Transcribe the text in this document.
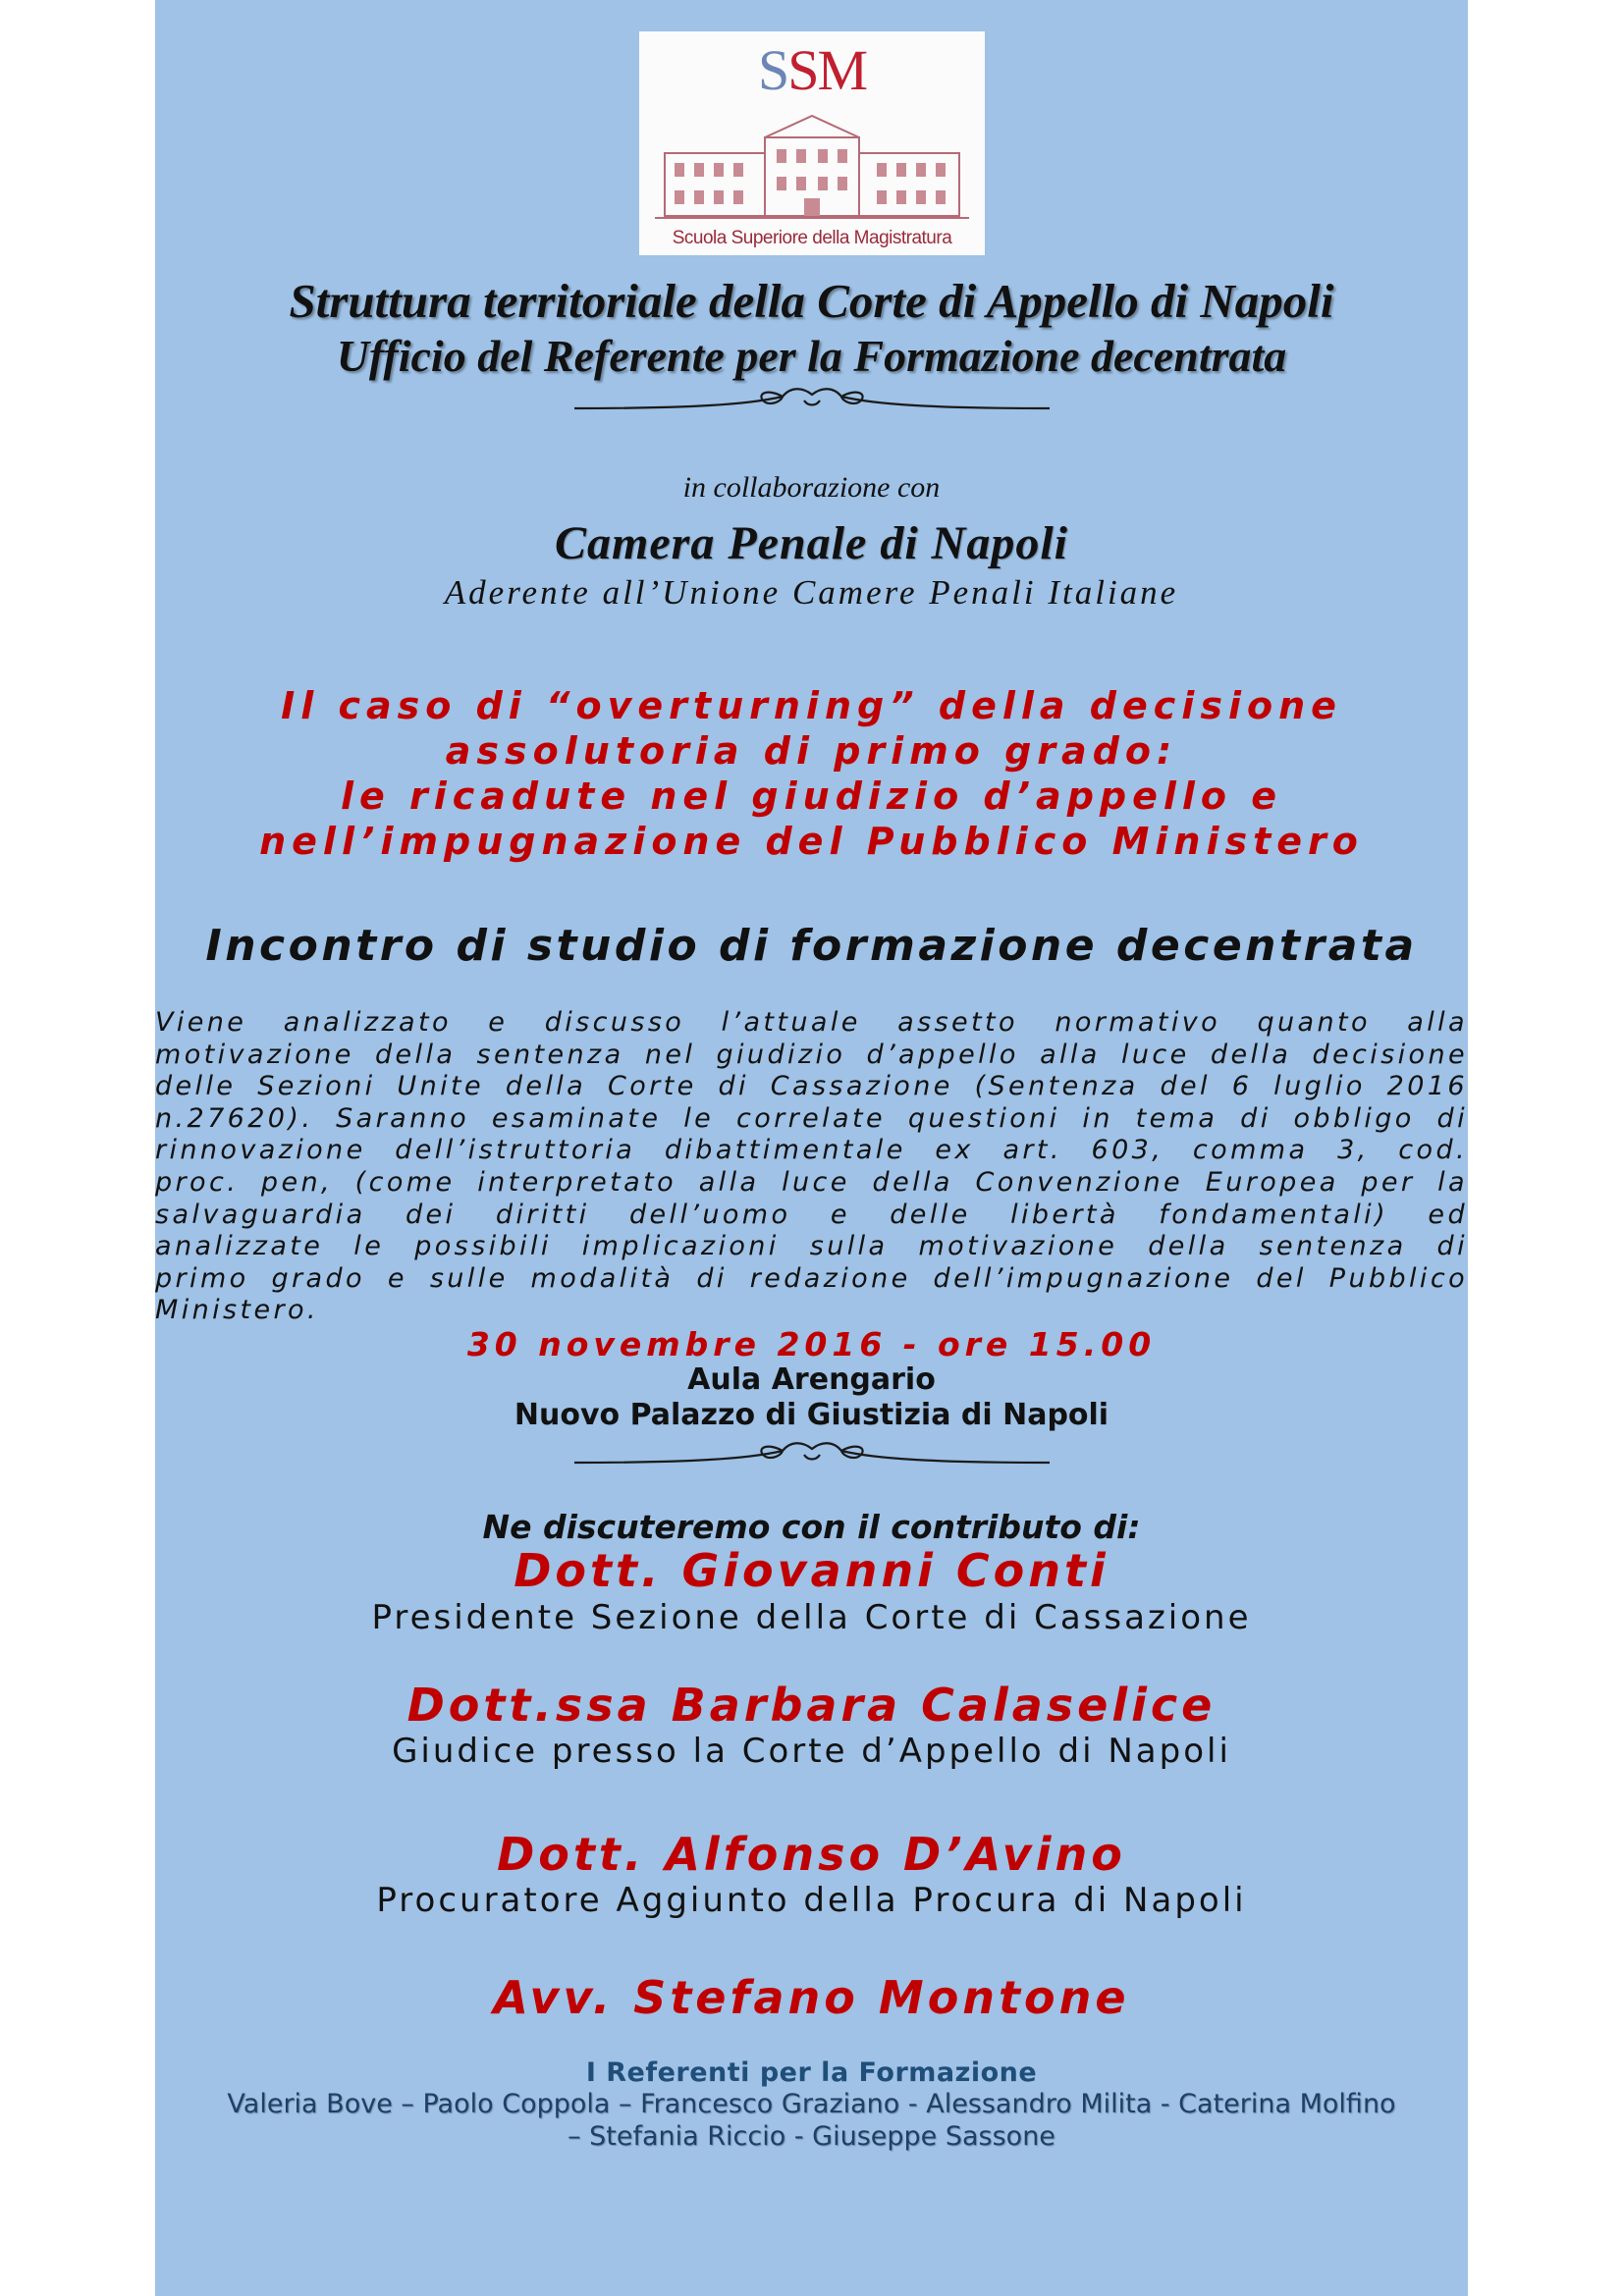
SSM
Scuola Superiore della Magistratura
Struttura territoriale della Corte di Appello di Napoli
Ufficio del Referente per la Formazione decentrata
in collaborazione con
Camera Penale di Napoli
Aderente all’Unione Camere Penali Italiane
Il caso di “overturning” della decisione
assolutoria di primo grado:
le ricadute nel giudizio d’appello e
nell’impugnazione del Pubblico Ministero
Incontro di studio di formazione decentrata
Viene analizzato e discusso l’attuale assetto normativo quanto alla
motivazione della sentenza nel giudizio d’appello alla luce della decisione
delle Sezioni Unite della Corte di Cassazione (Sentenza del 6 luglio 2016
n.27620). Saranno esaminate le correlate questioni in tema di obbligo di
rinnovazione dell’istruttoria dibattimentale ex art. 603, comma 3, cod.
proc. pen, (come interpretato alla luce della Convenzione Europea per la
salvaguardia dei diritti dell’uomo e delle libertà fondamentali) ed
analizzate le possibili implicazioni sulla motivazione della sentenza di
primo grado e sulle modalità di redazione dell’impugnazione del Pubblico
Ministero.
30 novembre 2016 - ore 15.00
Aula Arengario
Nuovo Palazzo di Giustizia di Napoli
Ne discuteremo con il contributo di:
Dott. Giovanni Conti
Presidente Sezione della Corte di Cassazione
Dott.ssa Barbara Calaselice
Giudice presso la Corte d’Appello di Napoli
Dott. Alfonso D’Avino
Procuratore Aggiunto della Procura di Napoli
Avv. Stefano Montone
I Referenti per la Formazione
Valeria Bove – Paolo Coppola – Francesco Graziano - Alessandro Milita - Caterina Molfino
– Stefania Riccio - Giuseppe Sassone
